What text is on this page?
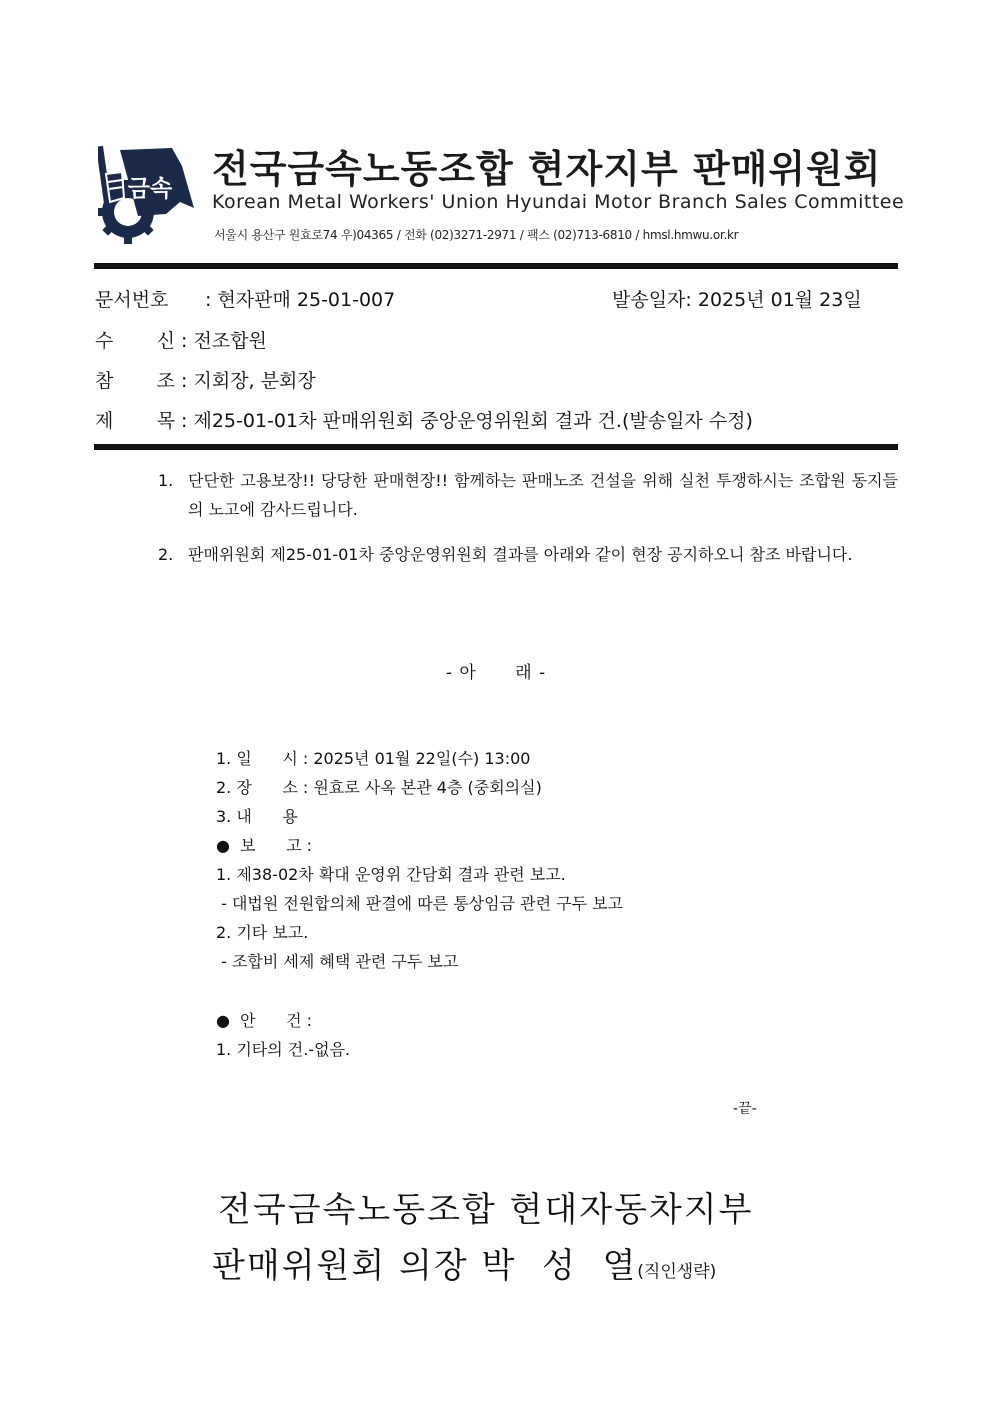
금속 전국금속노동조합 현자지부 판매위원회
Korean Metal Workers' Union Hyundai Motor Branch Sales Committee
서울시 용산구 원효로74 우)04365 / 전화 (02)3271-2971 / 팩스 (02)713-6810 / hmsl.hmwu.or.kr
문서번호 : 현자판매 25-01-007	발송일자: 2025년 01월 23일
수 신 : 전조합원
참 조 : 지회장, 분회장
제 목 : 제25-01-01차 판매위원회 중앙운영위원회 결과 건.(발송일자 수정)
1. 단단한 고용보장!! 당당한 판매현장!! 함께하는 판매노조 건설을 위해 실천 투쟁하시는 조합원 동지들의 노고에 감사드립니다.
2. 판매위원회 제25-01-01차 중앙운영위원회 결과를 아래와 같이 현장 공지하오니 참조 바랍니다.
- 아      래 -
1. 일      시 : 2025년 01월 22일(수) 13:00
2. 장      소 : 원효로 사옥 본관 4층 (중회의실)
3. 내      용
●  보      고 :
1. 제38-02차 확대 운영위 간담회 결과 관련 보고.
- 대법원 전원합의체 판결에 따른 통상임금 관련 구두 보고
2. 기타 보고.
- 조합비 세제 혜택 관련 구두 보고
●  안      건 :
1. 기타의 건.-없음.
-끝-
전국금속노동조합 현대자동차지부
판매위원회 의장 박  성  열(직인생략)
